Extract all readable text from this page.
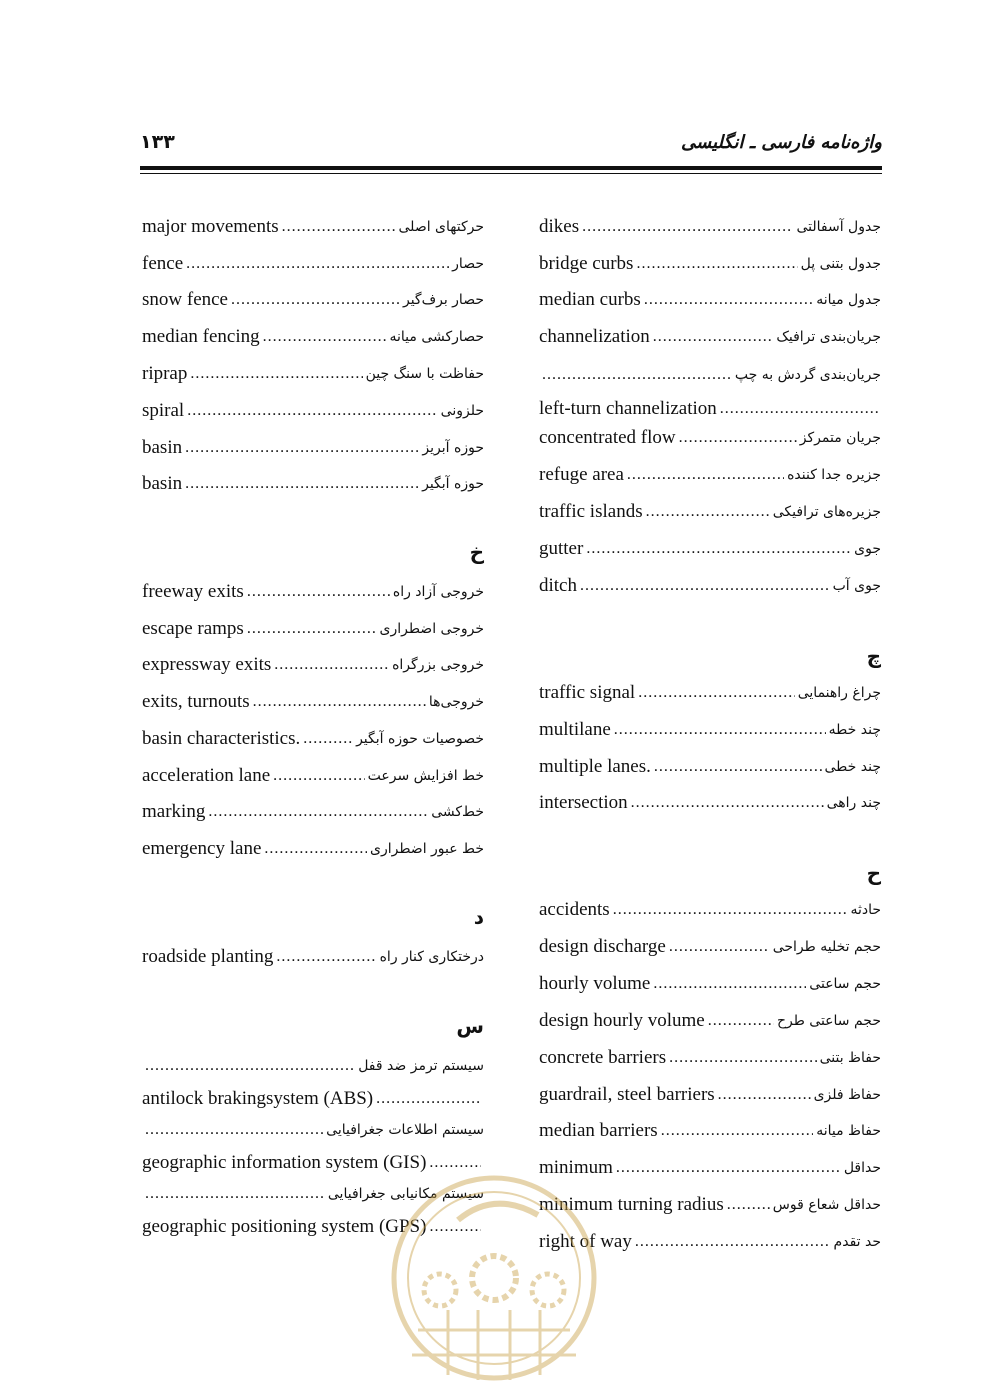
واژه‌نامه فارسی ـ انگلیسی
۱۳۳
جدول آسفالتی
.....
dikes
جدول بتنی پل
.....
bridge curbs
جدول میانه
.....
median curbs
جریان‌بندی ترافیک
.....
channelization
جریان‌بندی گردش به چپ
.....
left-turn channelization
.....
جریان متمرکز
.....
concentrated flow
جزیره جدا کننده
.....
refuge area
جزیره‌های ترافیکی
.....
traffic islands
جوی
.....
gutter
جوی آب
.....
ditch
چ
چراغ راهنمایی
.....
traffic signal
چند خطه
.....
multilane
چند خطی
.....
multiple lanes.
چند راهی
.....
intersection
ح
حادثه
.....
accidents
حجم تخلیه طراحی
.....
design discharge
حجم ساعتی
.....
hourly volume
حجم ساعتی طرح
.....
design hourly volume
حفاظ بتنی
.....
concrete barriers
حفاظ فلزی
.....
guardrail, steel barriers
حفاظ میانه
.....
median barriers
حداقل
.....
minimum
حداقل شعاع قوس
.....
minimum turning radius
حد تقدم
.....
right of way
حرکتهای اصلی
.....
major movements
حصار
.....
fence
حصار برف‌گیر
.....
snow fence
حصارکشی میانه
.....
median fencing
حفاظت با سنگ چین
.....
riprap
حلزونی
.....
spiral
حوزه آبریز
.....
basin
حوزه آبگیر
.....
basin
خ
خروجی آزاد راه
.....
freeway exits
خروجی اضطراری
.....
escape ramps
خروجی بزرگراه
.....
expressway exits
خروجی‌ها
.....
exits, turnouts
خصوصیات حوزه آبگیر
.....
basin characteristics.
خط افزایش سرعت
.....
acceleration lane
خط‌کشی
.....
marking
خط عبور اضطراری
.....
emergency lane
د
درختکاری کنار راه
.....
roadside planting
س
سیستم ترمز ضد قفل
.....
antilock brakingsystem (ABS)
.....
سیستم اطلاعات جغرافیایی
.....
geographic information system (GIS)
.....
سیستم مکانیابی جغرافیایی
.....
geographic positioning system (GPS)
.....
